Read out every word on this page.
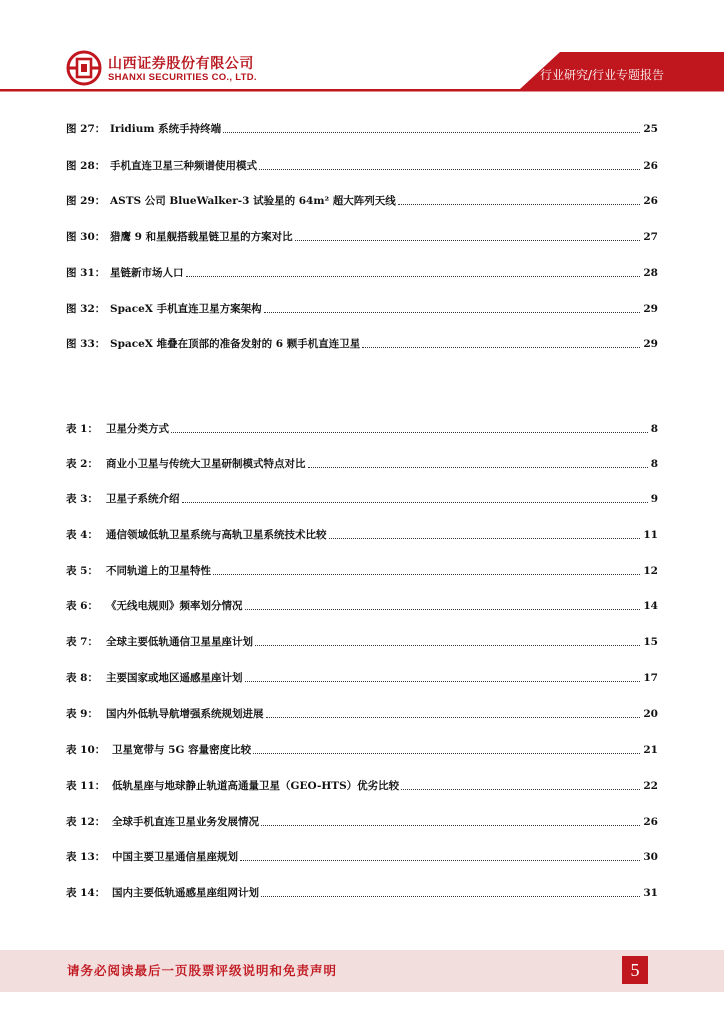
山西证券股份有限公司
SHANXI SECURITIES CO., LTD.	行业研究/行业专题报告
图 27： Iridium 系统手持终端	25
图 28： 手机直连卫星三种频谱使用模式	26
图 29： ASTS 公司 BlueWalker-3 试验星的 64m² 超大阵列天线	26
图 30： 猎鹰 9 和星舰搭载星链卫星的方案对比	27
图 31： 星链新市场人口	28
图 32： SpaceX 手机直连卫星方案架构	29
图 33： SpaceX 堆叠在顶部的准备发射的 6 颗手机直连卫星	29
表 1： 卫星分类方式	8
表 2： 商业小卫星与传统大卫星研制模式特点对比	8
表 3： 卫星子系统介绍	9
表 4： 通信领域低轨卫星系统与高轨卫星系统技术比较	11
表 5： 不同轨道上的卫星特性	12
表 6： 《无线电规则》频率划分情况	14
表 7： 全球主要低轨通信卫星星座计划	15
表 8： 主要国家或地区遥感星座计划	17
表 9： 国内外低轨导航增强系统规划进展	20
表 10： 卫星宽带与 5G 容量密度比较	21
表 11： 低轨星座与地球静止轨道高通量卫星（GEO-HTS）优劣比较	22
表 12： 全球手机直连卫星业务发展情况	26
表 13： 中国主要卫星通信星座规划	30
表 14： 国内主要低轨遥感星座组网计划	31
请务必阅读最后一页股票评级说明和免责声明	5
